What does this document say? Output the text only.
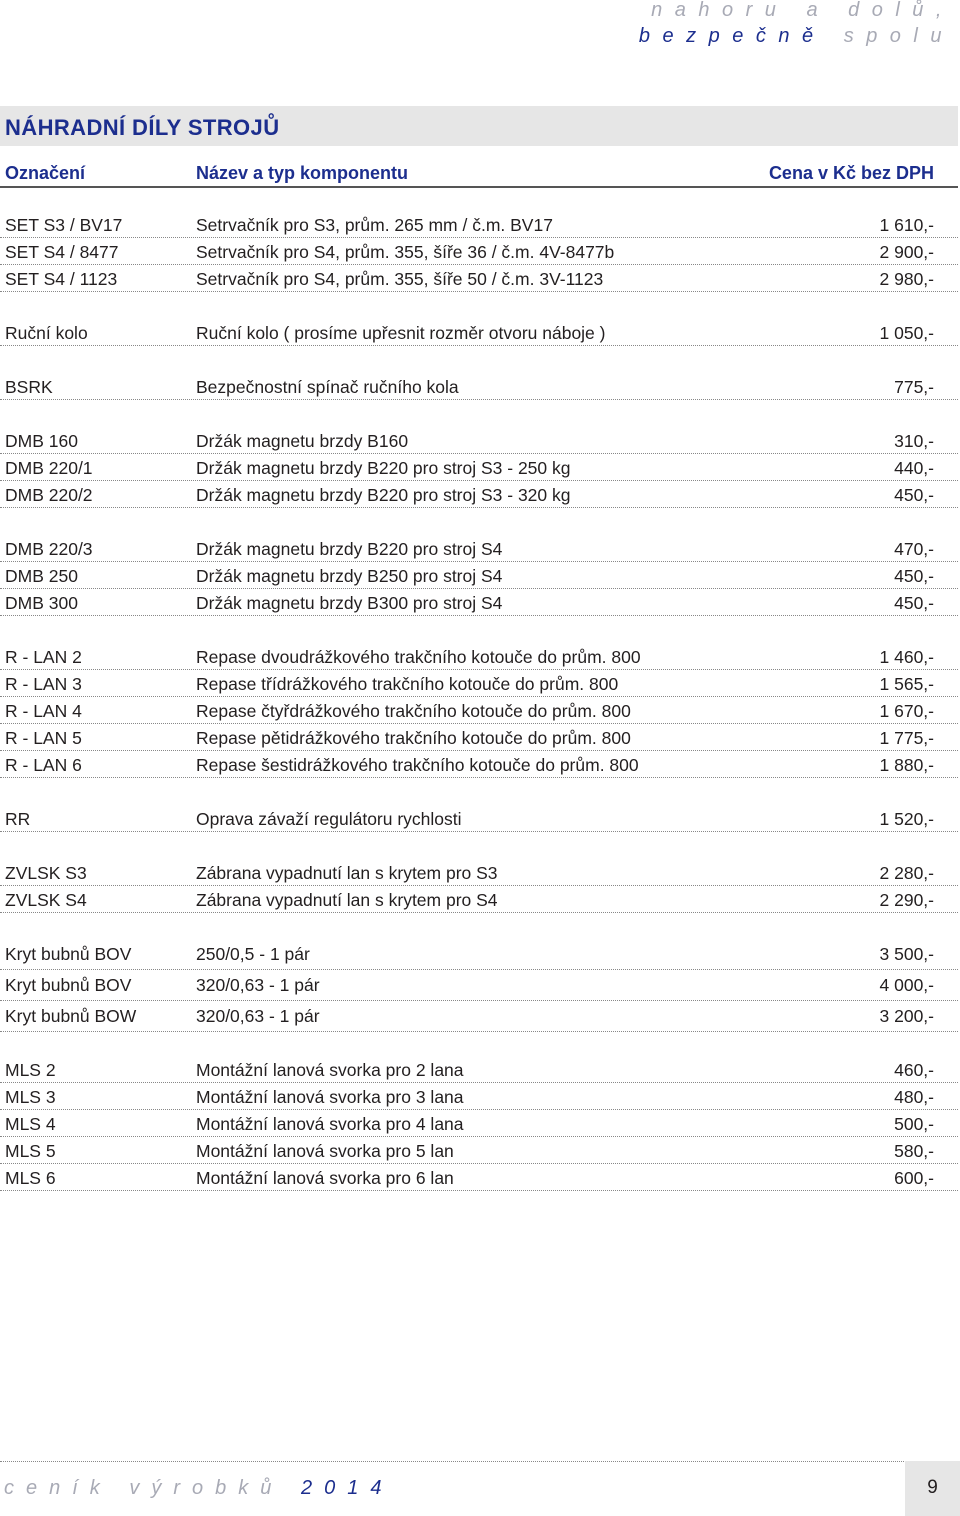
nahoru a dolů,
bezpečně spolu
NÁHRADNÍ DÍLY STROJŮ
Označení	Název a typ komponentu	Cena v Kč bez DPH
SET S3 / BV17	Setrvačník pro S3, prům. 265 mm / č.m. BV17	1 610,-
SET S4 / 8477	Setrvačník pro S4, prům. 355, šíře 36 / č.m. 4V-8477b	2 900,-
SET S4 / 1123	Setrvačník pro S4, prům. 355, šíře 50 / č.m. 3V-1123	2 980,-
Ruční kolo	Ruční kolo ( prosíme upřesnit rozměr otvoru náboje )	1 050,-
BSRK	Bezpečnostní spínač ručního kola	775,-
DMB 160	Držák magnetu brzdy B160	310,-
DMB 220/1	Držák magnetu brzdy B220 pro stroj S3 - 250 kg	440,-
DMB 220/2	Držák magnetu brzdy B220 pro stroj S3 - 320 kg	450,-
DMB 220/3	Držák magnetu brzdy B220 pro stroj S4	470,-
DMB 250	Držák magnetu brzdy B250 pro stroj S4	450,-
DMB 300	Držák magnetu brzdy B300 pro stroj S4	450,-
R - LAN 2	Repase dvoudrážkového trakčního kotouče do prům. 800	1 460,-
R - LAN 3	Repase třídrážkového trakčního kotouče do prům. 800	1 565,-
R - LAN 4	Repase čtyřdrážkového trakčního kotouče do prům. 800	1 670,-
R - LAN 5	Repase pětidrážkového trakčního kotouče do prům. 800	1 775,-
R - LAN 6	Repase šestidrážkového trakčního kotouče do prům. 800	1 880,-
RR	Oprava závaží regulátoru rychlosti	1 520,-
ZVLSK S3	Zábrana vypadnutí lan s krytem pro S3	2 280,-
ZVLSK S4	Zábrana vypadnutí lan s krytem pro S4	2 290,-
Kryt bubnů BOV	250/0,5 - 1 pár	3 500,-
Kryt bubnů BOV	320/0,63 - 1 pár	4 000,-
Kryt bubnů BOW	320/0,63 - 1 pár	3 200,-
MLS 2	Montážní lanová svorka pro 2 lana	460,-
MLS 3	Montážní lanová svorka pro 3 lana	480,-
MLS 4	Montážní lanová svorka pro 4 lana	500,-
MLS 5	Montážní lanová svorka pro 5 lan	580,-
MLS 6	Montážní lanová svorka pro 6 lan	600,-
ceník výrobků 2014	9
